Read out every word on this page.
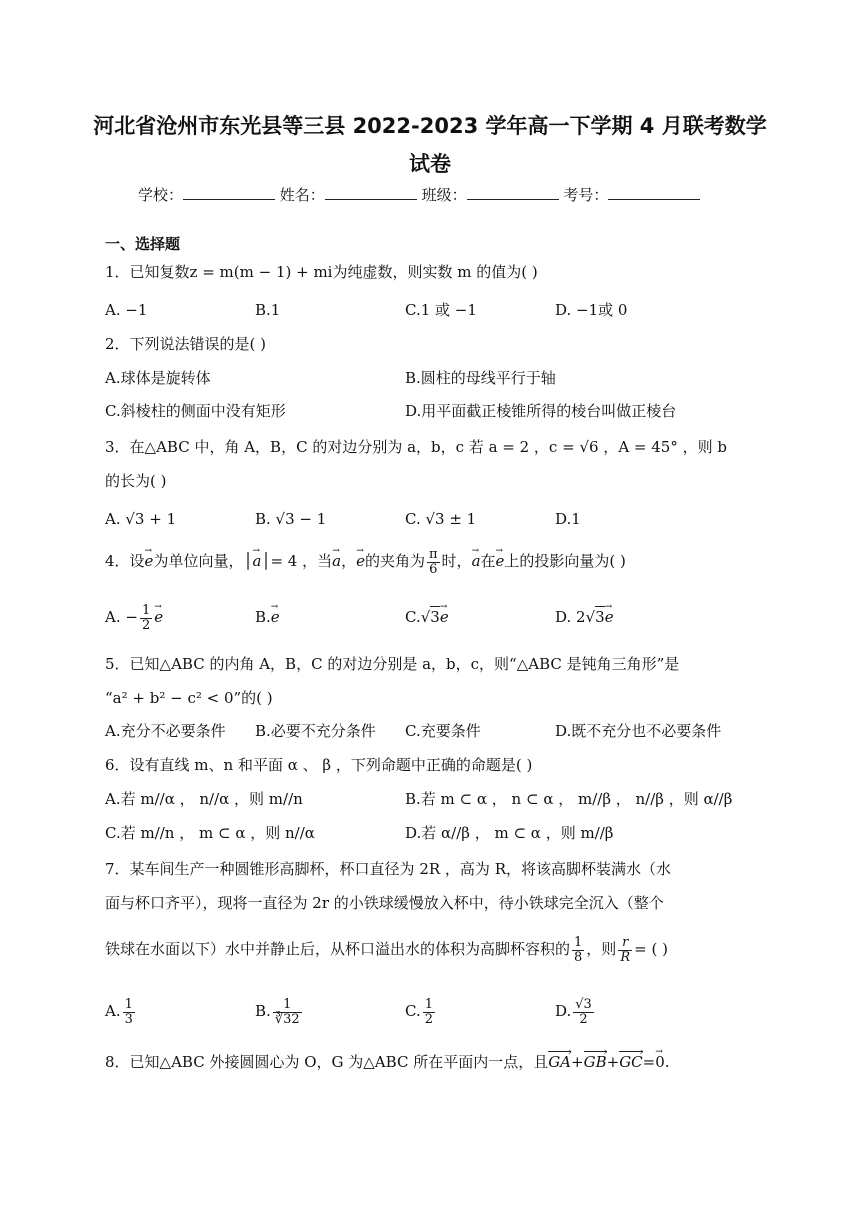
河北省沧州市东光县等三县 2022-2023 学年高一下学期 4 月联考数学
试卷
学校：	姓名：	班级：	考号：
一、选择题
1．已知复数z = m(m − 1) + mi为纯虚数，则实数 m 的值为( )
A. −1	B.1	C.1 或 −1	D. −1或 0
2．下列说法错误的是( )
A.球体是旋转体	B.圆柱的母线平行于轴
C.斜棱柱的侧面中没有矩形	D.用平面截正棱锥所得的棱台叫做正棱台
3．在△ABC 中，角 A，B，C 的对边分别为 a，b，c 若 a = 2 ，c = √6 ，A = 45° ，则 b
的长为( )
A. √3 + 1	B. √3 − 1	C. √3 ± 1	D.1
4．设→ e为单位向量，│→ a│= 4 ，当→ a，→ e的夹角为 $\frac{\pi}{6}$ 时，→ a在→ e上的投影向量为( )
A. − $\frac{1}{2}$
→ e	B.→ e	C.√3→ e	D. 2√3→ e
5．已知△ABC 的内角 A，B，C 的对边分别是 a，b，c，则“△ABC 是钝角三角形”是
“a² + b² − c² < 0”的( )
A.充分不必要条件 B.必要不充分条件 C.充要条件	D.既不充分也不必要条件
6．设有直线 m、n 和平面 α 、 β ，下列命题中正确的命题是( )
A.若 m//α ， n//α ，则 m//n	B.若 m ⊂ α ， n ⊂ α ， m//β ， n//β ，则 α//β
C.若 m//n ， m ⊂ α ，则 n//α	D.若 α//β ， m ⊂ α ，则 m//β
7．某车间生产一种圆锥形高脚杯，杯口直径为 2R ，高为 R，将该高脚杯装满水（水
面与杯口齐平），现将一直径为 2r 的小铁球缓慢放入杯中，待小铁球完全沉入（整个
铁球在水面以下）水中并静止后，从杯口溢出水的体积为高脚杯容积的 $\frac{1}{8}$ ，则 $\frac{r}{R}$ = ( )
A. $\frac{1}{3}$	B. $\frac{1}{∛32}$	C. $\frac{1}{2}$	D. $\frac{√3}{2}$
8．已知△ABC 外接圆圆心为 O，G 为△ABC 所在平面内一点，且GA ›+GB ›+GC ›=→ 0.
